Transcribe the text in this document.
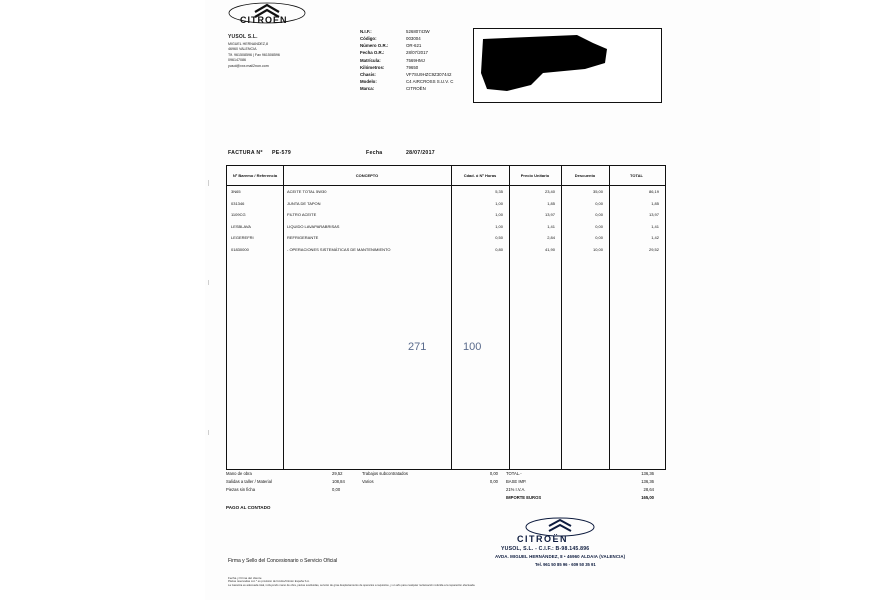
CITROËN
YUSOL S.L.
MIGUEL HERNANDEZ,8
46960 VALENCIA
Tlf. 961508596 | Fax 961508596
096147086
yusol@xxx.mail2non.com
N.I.F.:	52680743W
Código:	003004
Número O.R.:	OR-621
Fecha O.R.:	28/07/2017
Matrícula:	7569HMJ
Kilómetros:	79650
Chasis:	VF7SU9HZC9Z307442
Modelo:	C4 AIRCROSS S.U.V. C
Marca:	CITROËN
FACTURA Nº PE-579	Fecha	28/07/2017
Nº Baremo / Referencia	CONCEPTO	Cdad. ó Nº Horas	Precio Unitario	Descuento	TOTAL
3N65	ACEITE TOTAL 5W30	5,35	23,40	35,00	86,19
031346	JUNTA DE TAPON	1,00	1,85	0,00	1,85
1109CG	FILTRO ACEITE	1,00	13,97	0,00	13,97
LESBLAVA	LIQUIDO LAVAPARABRISAS	1,00	1,41	0,00	1,41
LEGEREFRI	REFRIGERANTE	0,50	2,84	0,00	1,42
01830000	- OPERACIONES SISTEMÁTICAS DE MANTENIMIENTO	0,80	41,90	10,00	29,52
271	100
Mano de obra	29,52	Trabajos subcontratados	0,00 TOTAL.-	136,36
Salidas a taller / Material	108,84	Varios	0,00 BASE IMP.	136,36
Piezas sin ficha	0,00	21% I.V.A.	28,64
IMPORTE EUROS	165,00
PAGO AL CONTADO
CITROËN
YUSOL, S.L. - C.I.F.: B-98.145.896
AVDA. MIGUEL HERNÁNDEZ, 8 • 46960 ALDAIA (VALENCIA)
Tel. 961 50 85 96 - 609 50 35 91
Firma y Sello del Concesionario o Servicio Oficial
Fecha y Firma del cliente
Plazas reservadas con * es provisión de fondos/Citroën España S.A.
La Garantía es adecuada total, incluyendo mano de obra, piezas sustituidas, servicio de grúa desplazamiento de operarios a requisitos, y un año para cualquier reclamación referida a la reparación efectuada.
